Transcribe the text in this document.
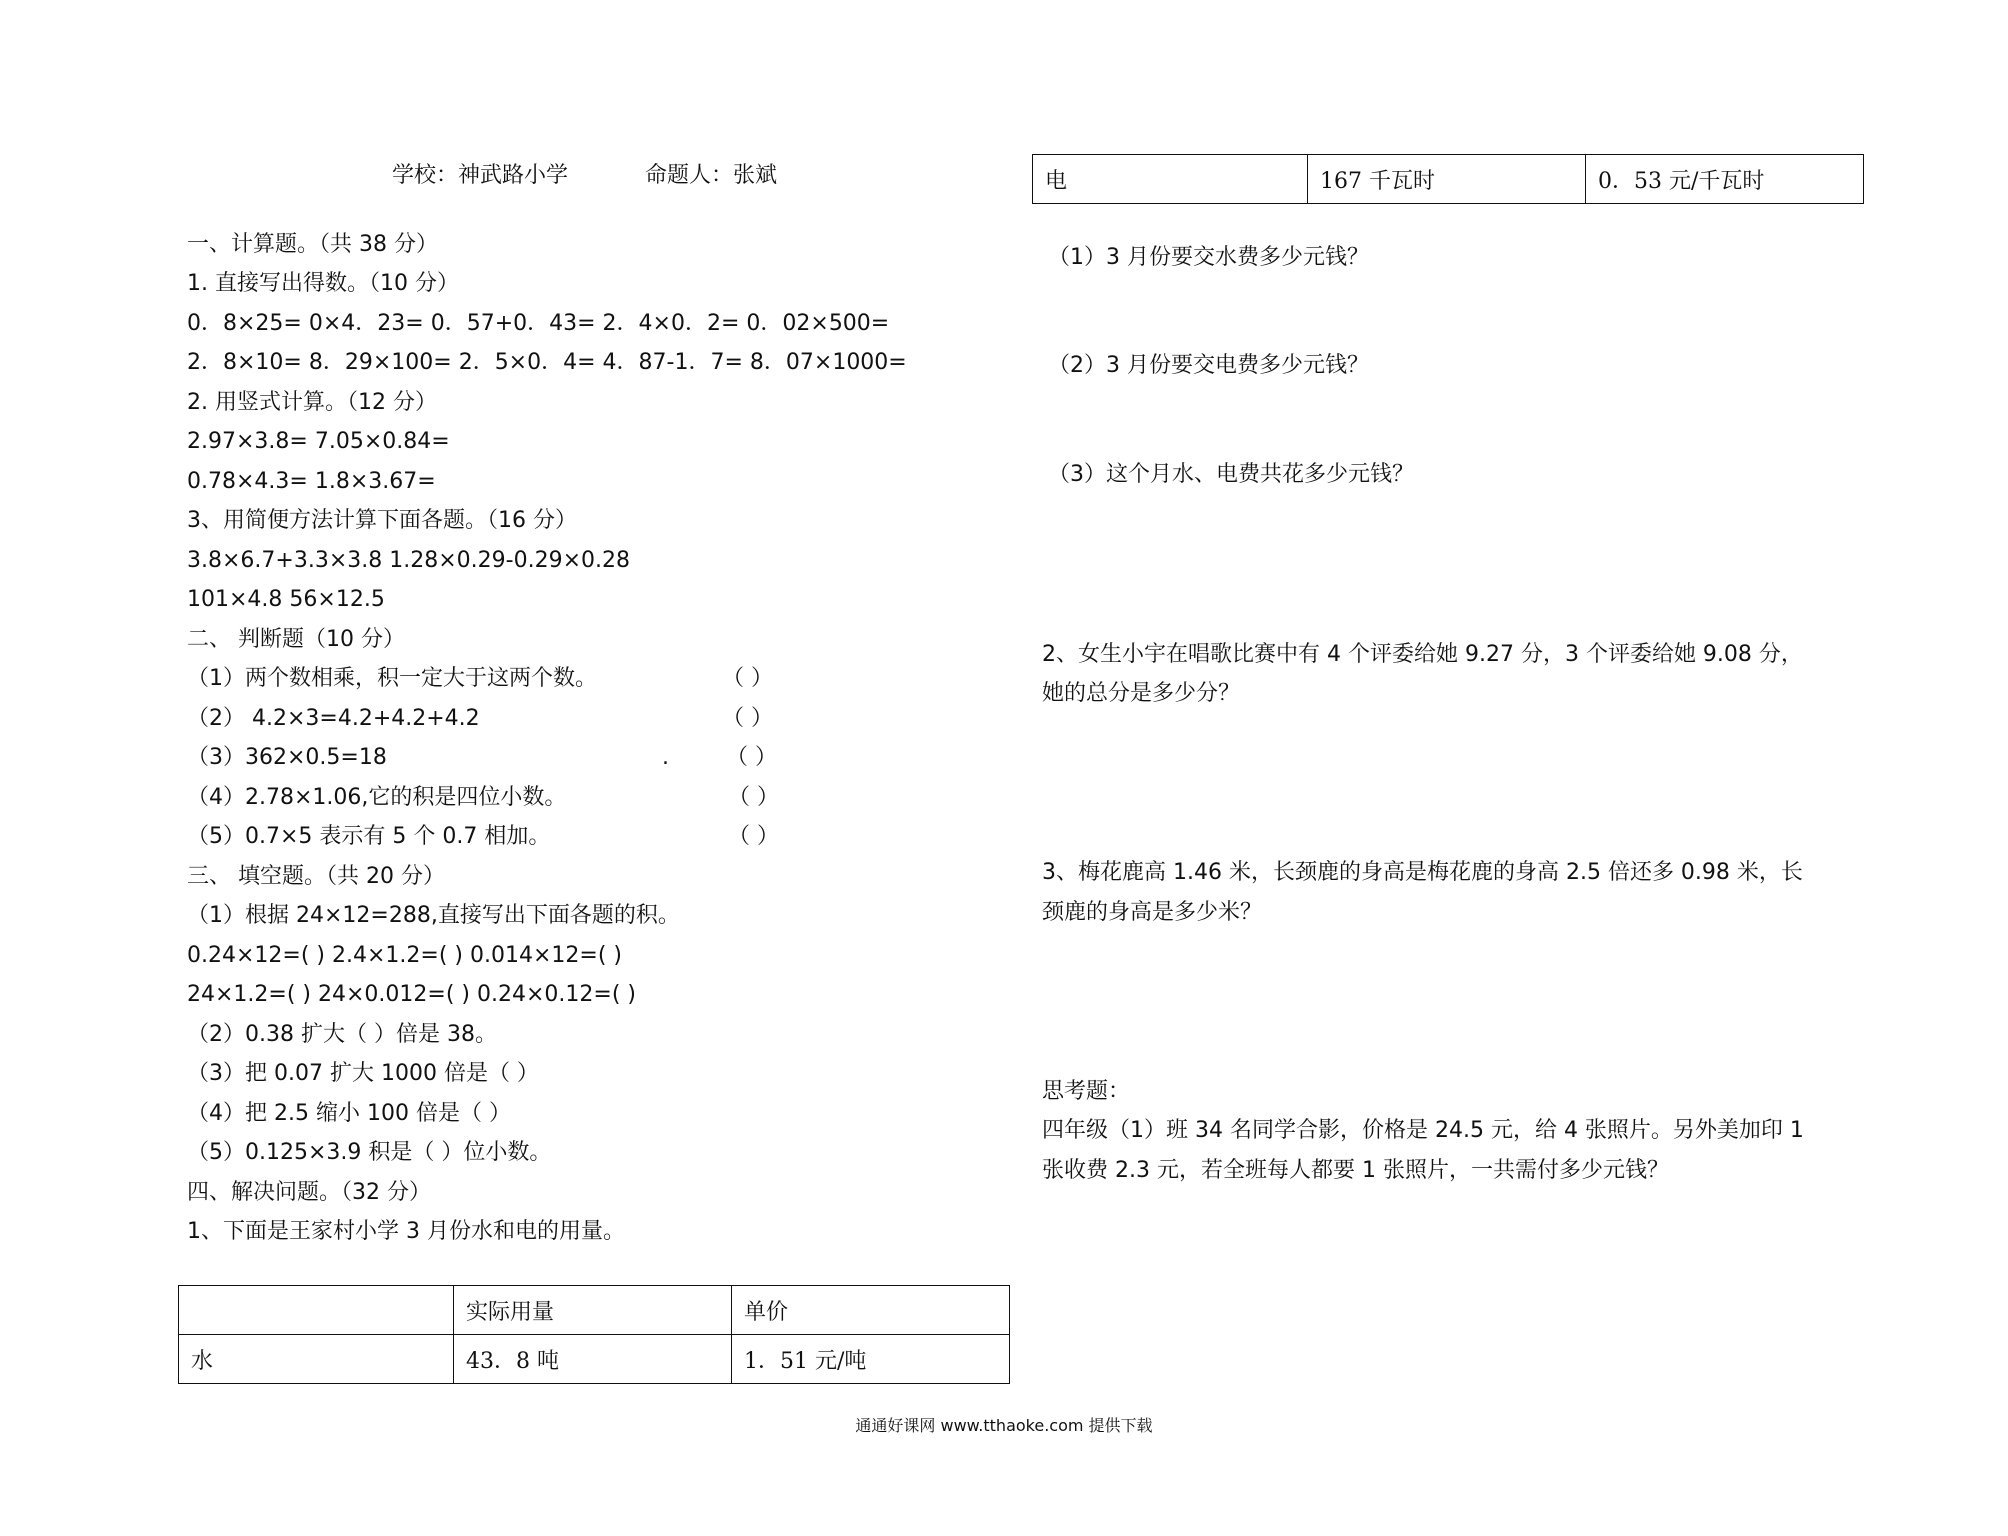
学校：神武路小学	命题人：张斌
一、计算题。（共 38 分）
1. 直接写出得数。（10 分）
0．8×25= 0×4．23= 0．57+0．43= 2．4×0．2= 0．02×500=
2．8×10= 8．29×100= 2．5×0．4= 4．87-1．7= 8．07×1000=
2. 用竖式计算。（12 分）
2.97×3.8= 7.05×0.84=
0.78×4.3= 1.8×3.67=
3、用简便方法计算下面各题。（16 分）
3.8×6.7+3.3×3.8 1.28×0.29-0.29×0.28
101×4.8 56×12.5
二、 判断题（10 分）
（1）两个数相乘，积一定大于这两个数。	（ ）
（2） 4.2×3=4.2+4.2+4.2	（ ）
（3）362×0.5=18	.	（ ）
（4）2.78×1.06,它的积是四位小数。	（ ）
（5）0.7×5 表示有 5 个 0.7 相加。	（ ）
三、 填空题。（共 20 分）
（1）根据 24×12=288,直接写出下面各题的积。
0.24×12=( ) 2.4×1.2=( ) 0.014×12=( )
24×1.2=( ) 24×0.012=( ) 0.24×0.12=( )
（2）0.38 扩大（ ）倍是 38。
（3）把 0.07 扩大 1000 倍是（ ）
（4）把 2.5 缩小 100 倍是（ ）
（5）0.125×3.9 积是（ ）位小数。
四、解决问题。（32 分）
1、下面是王家村小学 3 月份水和电的用量。
	实际用量	单价
水	43．8 吨	1．51 元/吨
电	167 千瓦时	0．53 元/千瓦时
（1）3 月份要交水费多少元钱？
（2）3 月份要交电费多少元钱？
（3）这个月水、电费共花多少元钱？
2、女生小宇在唱歌比赛中有 4 个评委给她 9.27 分，3 个评委给她 9.08 分，
她的总分是多少分？
3、梅花鹿高 1.46 米，长颈鹿的身高是梅花鹿的身高 2.5 倍还多 0.98 米，长
颈鹿的身高是多少米？
思考题：
四年级（1）班 34 名同学合影，价格是 24.5 元，给 4 张照片。另外美加印 1
张收费 2.3 元，若全班每人都要 1 张照片，一共需付多少元钱？
通通好课网 www.tthaoke.com 提供下载
